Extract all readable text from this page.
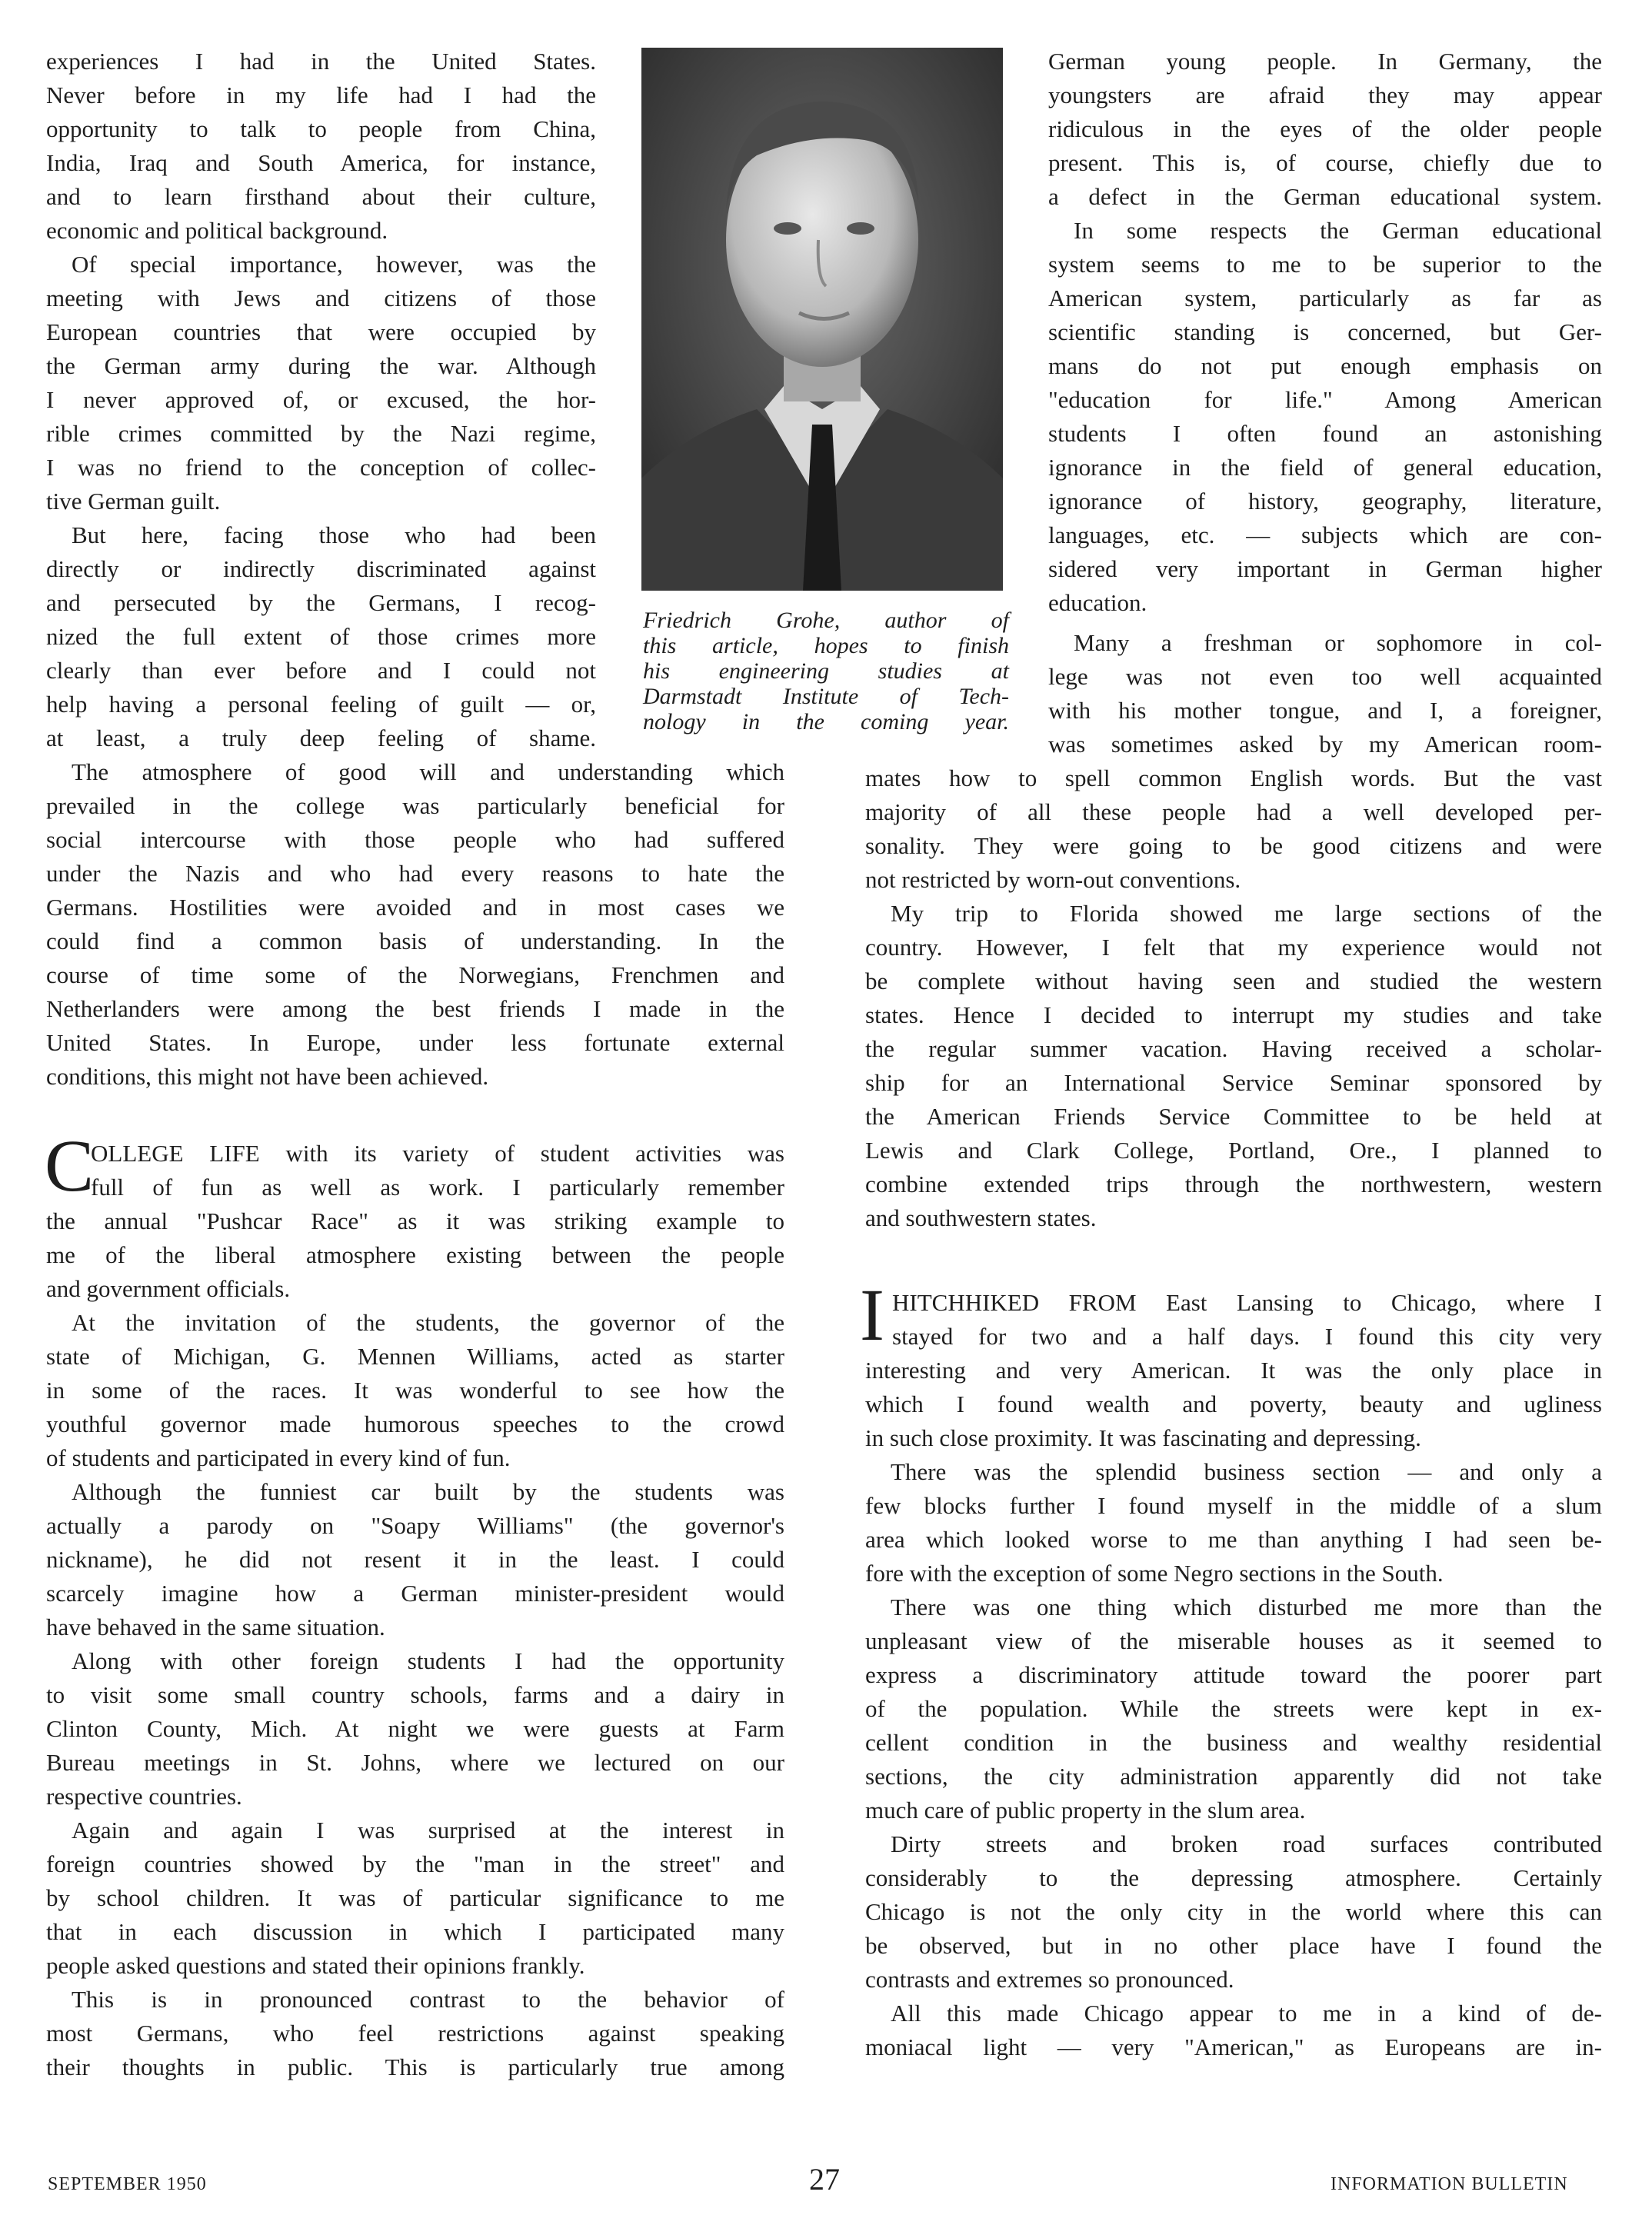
experiences I had in the United States.
Never before in my life had I had the
opportunity to talk to people from China,
India, Iraq and South America, for instance,
and to learn firsthand about their culture,
economic and political background.
Of special importance, however, was the
meeting with Jews and citizens of those
European countries that were occupied by
the German army during the war. Although
I never approved of, or excused, the hor-
rible crimes committed by the Nazi regime,
I was no friend to the conception of collec-
tive German guilt.
But here, facing those who had been
directly or indirectly discriminated against
and persecuted by the Germans, I recog-
nized the full extent of those crimes more
clearly than ever before and I could not
help having a personal feeling of guilt — or,
at least, a truly deep feeling of shame.
The atmosphere of good will and understanding which
prevailed in the college was particularly beneficial for
social intercourse with those people who had suffered
under the Nazis and who had every reasons to hate the
Germans. Hostilities were avoided and in most cases we
could find a common basis of understanding. In the
course of time some of the Norwegians, Frenchmen and
Netherlanders were among the best friends I made in the
United States. In Europe, under less fortunate external
conditions, this might not have been achieved.
C
OLLEGE LIFE with its variety of student activities was
full of fun as well as work. I particularly remember
the annual "Pushcar Race" as it was striking example to
me of the liberal atmosphere existing between the people
and government officials.
At the invitation of the students, the governor of the
state of Michigan, G. Mennen Williams, acted as starter
in some of the races. It was wonderful to see how the
youthful governor made humorous speeches to the crowd
of students and participated in every kind of fun.
Although the funniest car built by the students was
actually a parody on "Soapy Williams" (the governor's
nickname), he did not resent it in the least. I could
scarcely imagine how a German minister-president would
have behaved in the same situation.
Along with other foreign students I had the opportunity
to visit some small country schools, farms and a dairy in
Clinton County, Mich. At night we were guests at Farm
Bureau meetings in St. Johns, where we lectured on our
respective countries.
Again and again I was surprised at the interest in
foreign countries showed by the "man in the street" and
by school children. It was of particular significance to me
that in each discussion in which I participated many
people asked questions and stated their opinions frankly.
This is in pronounced contrast to the behavior of
most Germans, who feel restrictions against speaking
their thoughts in public. This is particularly true among
Friedrich Grohe, author of
this article, hopes to finish
his engineering studies at
Darmstadt Institute of Tech-
nology in the coming year.
German young people. In Germany, the
youngsters are afraid they may appear
ridiculous in the eyes of the older people
present. This is, of course, chiefly due to
a defect in the German educational system.
In some respects the German educational
system seems to me to be superior to the
American system, particularly as far as
scientific standing is concerned, but Ger-
mans do not put enough emphasis on
"education for life." Among American
students I often found an astonishing
ignorance in the field of general education,
ignorance of history, geography, literature,
languages, etc. — subjects which are con-
sidered very important in German higher
education.
Many a freshman or sophomore in col-
lege was not even too well acquainted
with his mother tongue, and I, a foreigner,
was sometimes asked by my American room-
mates how to spell common English words. But the vast
majority of all these people had a well developed per-
sonality. They were going to be good citizens and were
not restricted by worn-out conventions.
My trip to Florida showed me large sections of the
country. However, I felt that my experience would not
be complete without having seen and studied the western
states. Hence I decided to interrupt my studies and take
the regular summer vacation. Having received a scholar-
ship for an International Service Seminar sponsored by
the American Friends Service Committee to be held at
Lewis and Clark College, Portland, Ore., I planned to
combine extended trips through the northwestern, western
and southwestern states.
I HITCHHIKED FROM East Lansing to Chicago, where I
stayed for two and a half days. I found this city very
interesting and very American. It was the only place in
which I found wealth and poverty, beauty and ugliness
in such close proximity. It was fascinating and depressing.
There was the splendid business section — and only a
few blocks further I found myself in the middle of a slum
area which looked worse to me than anything I had seen be-
fore with the exception of some Negro sections in the South.
There was one thing which disturbed me more than the
unpleasant view of the miserable houses as it seemed to
express a discriminatory attitude toward the poorer part
of the population. While the streets were kept in ex-
cellent condition in the business and wealthy residential
sections, the city administration apparently did not take
much care of public property in the slum area.
Dirty streets and broken road surfaces contributed
considerably to the depressing atmosphere. Certainly
Chicago is not the only city in the world where this can
be observed, but in no other place have I found the
contrasts and extremes so pronounced.
All this made Chicago appear to me in a kind of de-
moniacal light — very "American," as Europeans are in-
SEPTEMBER 1950	27	INFORMATION BULLETIN
